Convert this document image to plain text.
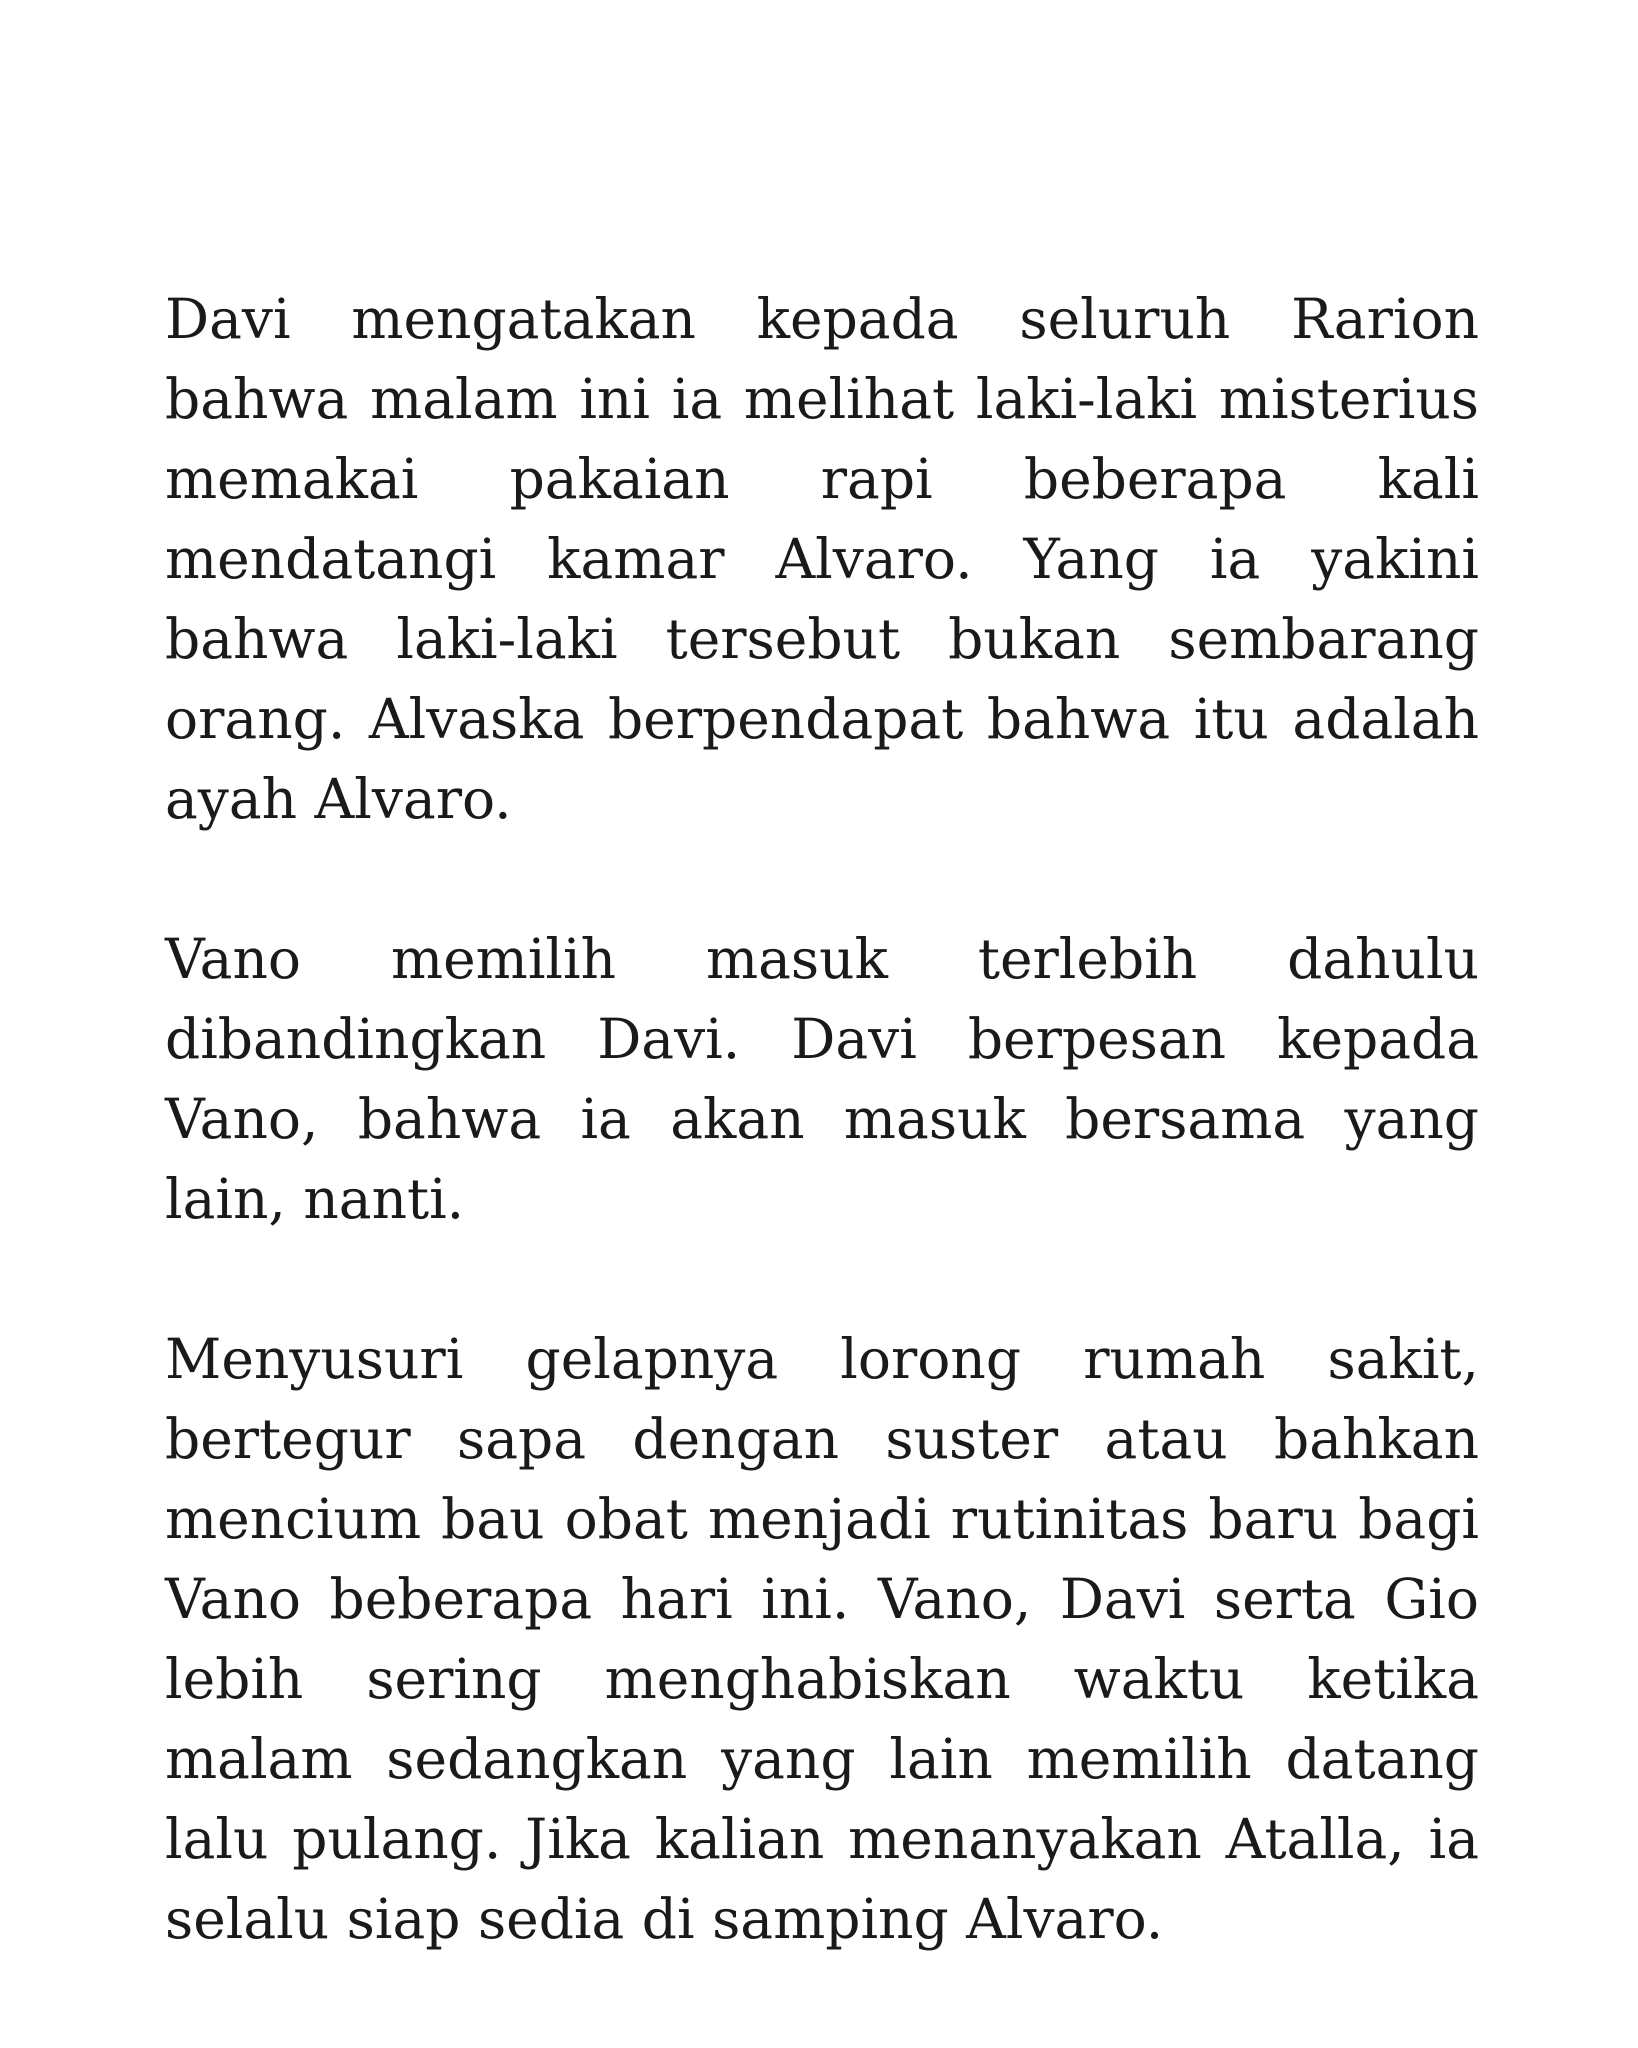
Davi mengatakan kepada seluruh Rarion bahwa malam ini ia melihat laki-laki misterius memakai pakaian rapi beberapa kali mendatangi kamar Alvaro. Yang ia yakini bahwa laki-laki tersebut bukan sembarang orang. Alvaska berpendapat bahwa itu adalah ayah Alvaro.

Vano memilih masuk terlebih dahulu dibandingkan Davi. Davi berpesan kepada Vano, bahwa ia akan masuk bersama yang lain, nanti.

Menyusuri gelapnya lorong rumah sakit, bertegur sapa dengan suster atau bahkan mencium bau obat menjadi rutinitas baru bagi Vano beberapa hari ini. Vano, Davi serta Gio lebih sering menghabiskan waktu ketika malam sedangkan yang lain memilih datang lalu pulang. Jika kalian menanyakan Atalla, ia selalu siap sedia di samping Alvaro.
